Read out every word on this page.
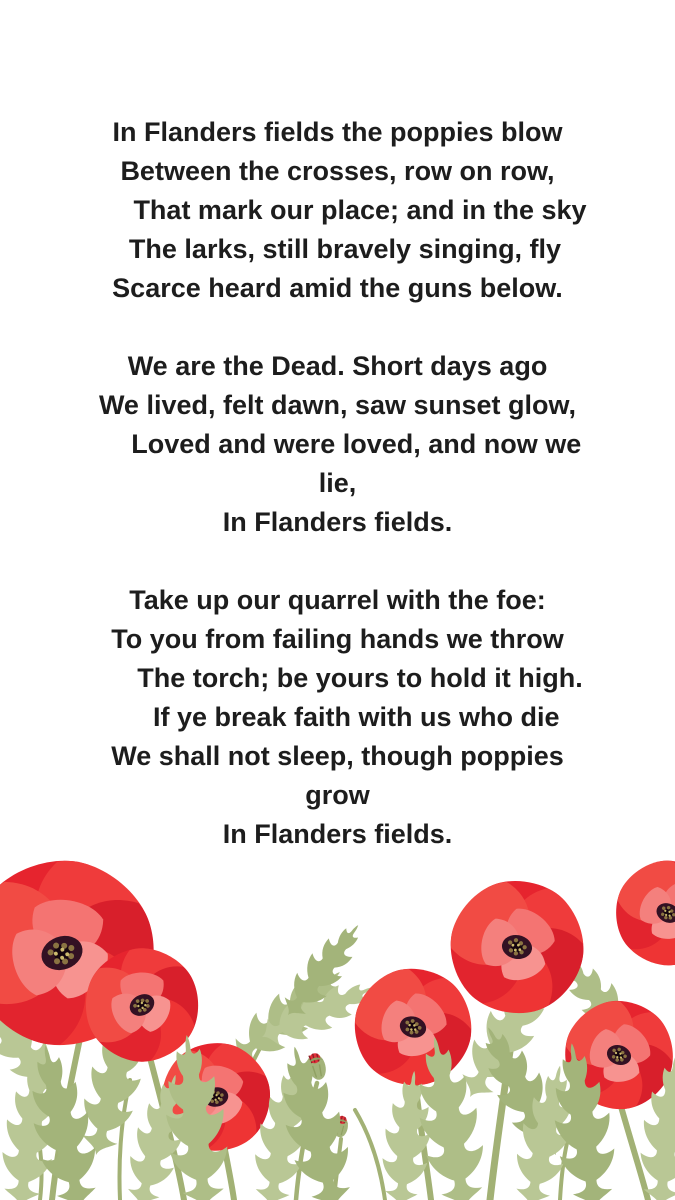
In Flanders fields the poppies blow
Between the crosses, row on row,
That mark our place; and in the sky
The larks, still bravely singing, fly
Scarce heard amid the guns below.
We are the Dead. Short days ago
We lived, felt dawn, saw sunset glow,
Loved and were loved, and now we
lie,
In Flanders fields.
Take up our quarrel with the foe:
To you from failing hands we throw
The torch; be yours to hold it high.
If ye break faith with us who die
We shall not sleep, though poppies
grow
In Flanders fields.
